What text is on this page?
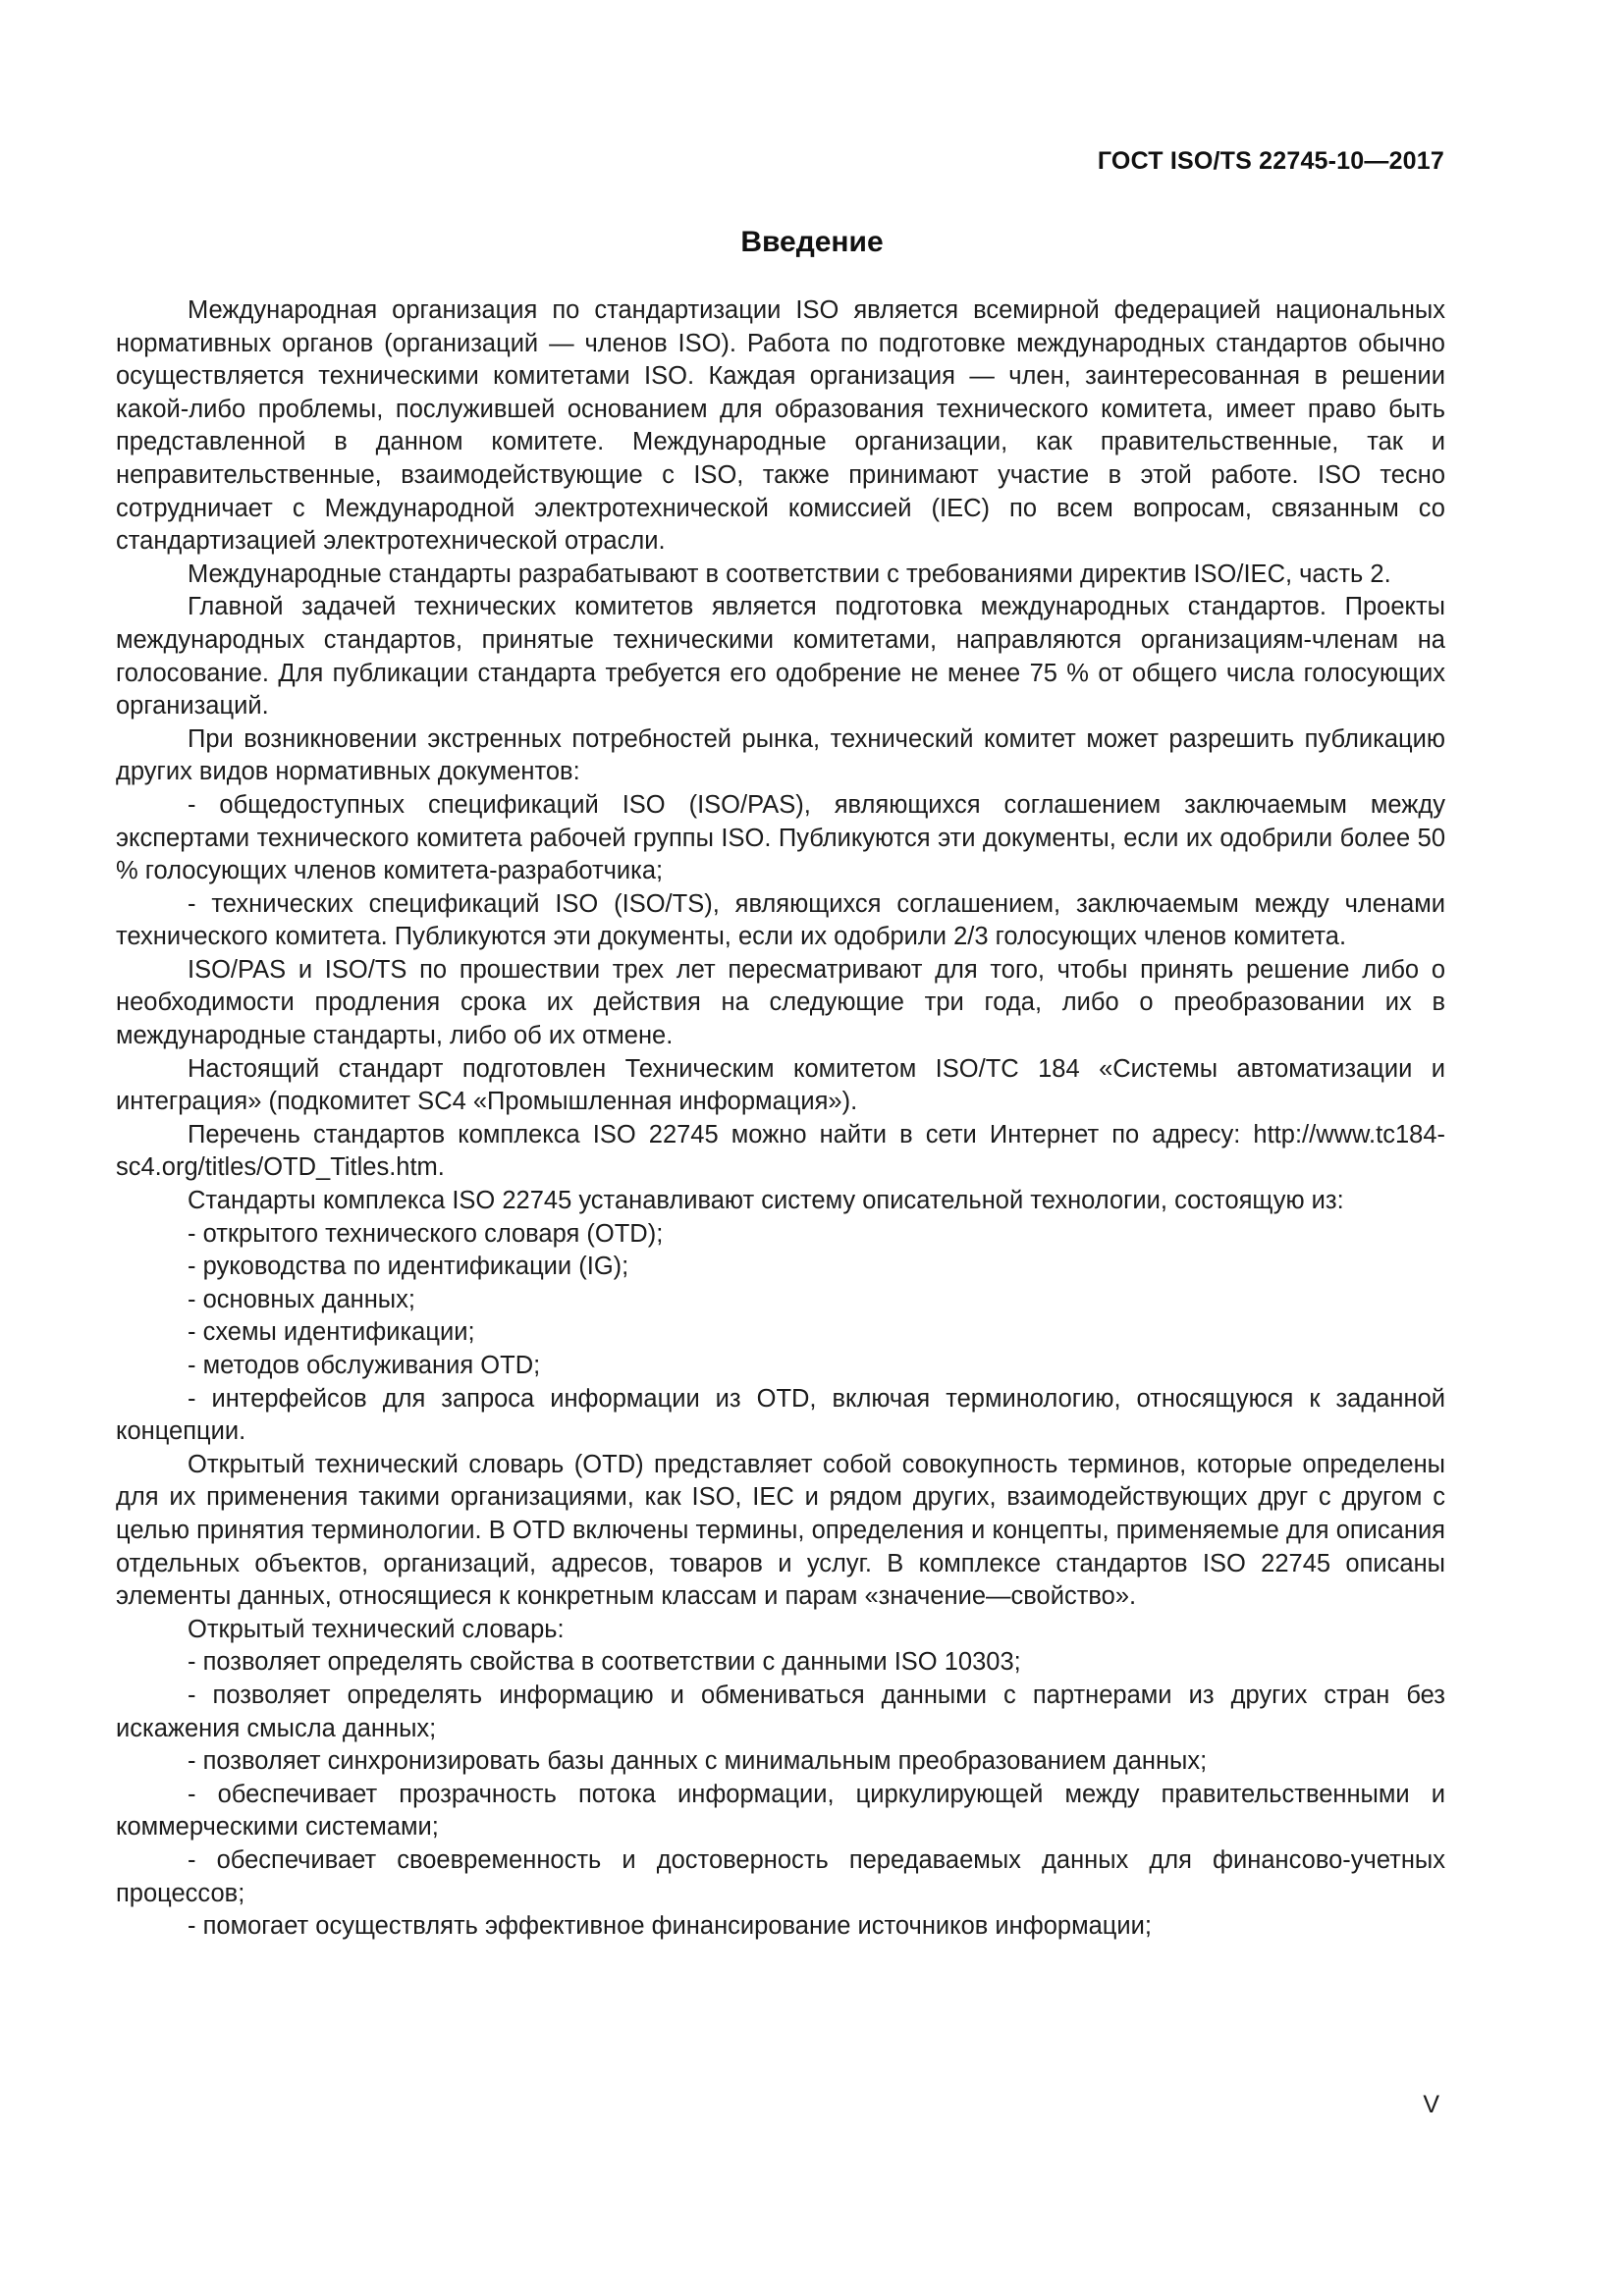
ГОСТ ISO/TS 22745-10—2017
Введение

Международная организация по стандартизации ISO является всемирной федерацией национальных нормативных органов (организаций — членов ISO). Работа по подготовке международных стандартов обычно осуществляется техническими комитетами ISO. Каждая организация — член, заинтересованная в решении какой-либо проблемы, послужившей основанием для образования технического комитета, имеет право быть представленной в данном комитете. Международные организации, как правительственные, так и неправительственные, взаимодействующие с ISO, также принимают участие в этой работе. ISO тесно сотрудничает с Международной электротехнической комиссией (IEC) по всем вопросам, связанным со стандартизацией электротехнической отрасли.

Международные стандарты разрабатывают в соответствии с требованиями директив ISO/IEC, часть 2.

Главной задачей технических комитетов является подготовка международных стандартов. Проекты международных стандартов, принятые техническими комитетами, направляются организациям-членам на голосование. Для публикации стандарта требуется его одобрение не менее 75 % от общего числа голосующих организаций.

При возникновении экстренных потребностей рынка, технический комитет может разрешить публикацию других видов нормативных документов:

- общедоступных спецификаций ISO (ISO/PAS), являющихся соглашением заключаемым между экспертами технического комитета рабочей группы ISO. Публикуются эти документы, если их одобрили более 50 % голосующих членов комитета-разработчика;

- технических спецификаций ISO (ISO/TS), являющихся соглашением, заключаемым между членами технического комитета. Публикуются эти документы, если их одобрили 2/3 голосующих членов комитета.

ISO/PAS и ISO/TS по прошествии трех лет пересматривают для того, чтобы принять решение либо о необходимости продления срока их действия на следующие три года, либо о преобразовании их в международные стандарты, либо об их отмене.

Настоящий стандарт подготовлен Техническим комитетом ISO/TC 184 «Системы автоматизации и интеграция» (подкомитет SC4 «Промышленная информация»).

Перечень стандартов комплекса ISO 22745 можно найти в сети Интернет по адресу: http://www.tc184-sc4.org/titles/OTD_Titles.htm.

Стандарты комплекса ISO 22745 устанавливают систему описательной технологии, состоящую из:

- открытого технического словаря (OTD);

- руководства по идентификации (IG);

- основных данных;

- схемы идентификации;

- методов обслуживания OTD;

- интерфейсов для запроса информации из OTD, включая терминологию, относящуюся к заданной концепции.

Открытый технический словарь (OTD) представляет собой совокупность терминов, которые определены для их применения такими организациями, как ISO, IEC и рядом других, взаимодействующих друг с другом с целью принятия терминологии. В OTD включены термины, определения и концепты, применяемые для описания отдельных объектов, организаций, адресов, товаров и услуг. В комплексе стандартов ISO 22745 описаны элементы данных, относящиеся к конкретным классам и парам «значение—свойство».

Открытый технический словарь:

- позволяет определять свойства в соответствии с данными ISO 10303;

- позволяет определять информацию и обмениваться данными с партнерами из других стран без искажения смысла данных;

- позволяет синхронизировать базы данных с минимальным преобразованием данных;

- обеспечивает прозрачность потока информации, циркулирующей между правительственными и коммерческими системами;

- обеспечивает своевременность и достоверность передаваемых данных для финансово-учетных процессов;

- помогает осуществлять эффективное финансирование источников информации;

V
